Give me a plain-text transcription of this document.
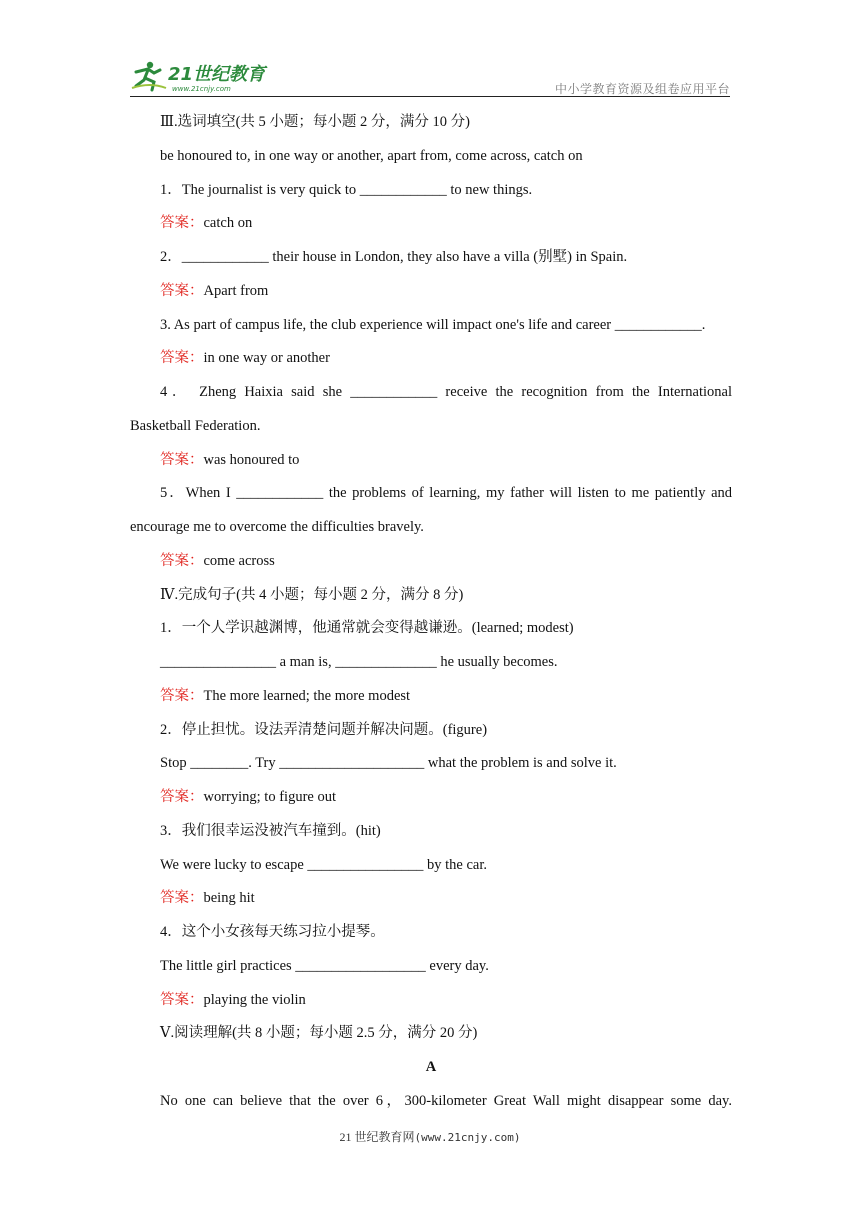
21世纪教育
www.21cnjy.com	中小学教育资源及组卷应用平台
Ⅲ.选词填空(共 5 小题；每小题 2 分，满分 10 分)
be honoured to, in one way or another, apart from, come across, catch on
1．The journalist is very quick to ____________ to new things.
答案：catch on
2．____________ their house in London, they also have a villa (别墅) in Spain.
答案：Apart from
3. As part of campus life, the club experience will impact one's life and career ____________.
答案：in one way or another
4． Zheng Haixia said she ____________ receive the recognition from the International
Basketball Federation.
答案：was honoured to
5．When I ____________ the problems of learning, my father will listen to me patiently and
encourage me to overcome the difficulties bravely.
答案：come across
Ⅳ.完成句子(共 4 小题；每小题 2 分，满分 8 分)
1．一个人学识越渊博，他通常就会变得越谦逊。(learned; modest)
________________ a man is, ______________ he usually becomes.
答案：The more learned; the more modest
2．停止担忧。设法弄清楚问题并解决问题。(figure)
Stop ________. Try ____________________ what the problem is and solve it.
答案：worrying; to figure out
3．我们很幸运没被汽车撞到。(hit)
We were lucky to escape ________________ by the car.
答案：being hit
4．这个小女孩每天练习拉小提琴。
The little girl practices __________________ every day.
答案：playing the violin
Ⅴ.阅读理解(共 8 小题；每小题 2.5 分，满分 20 分)
A
No one can believe that the over 6，300-kilometer Great Wall might disappear some day.
21 世纪教育网(www.21cnjy.com)
